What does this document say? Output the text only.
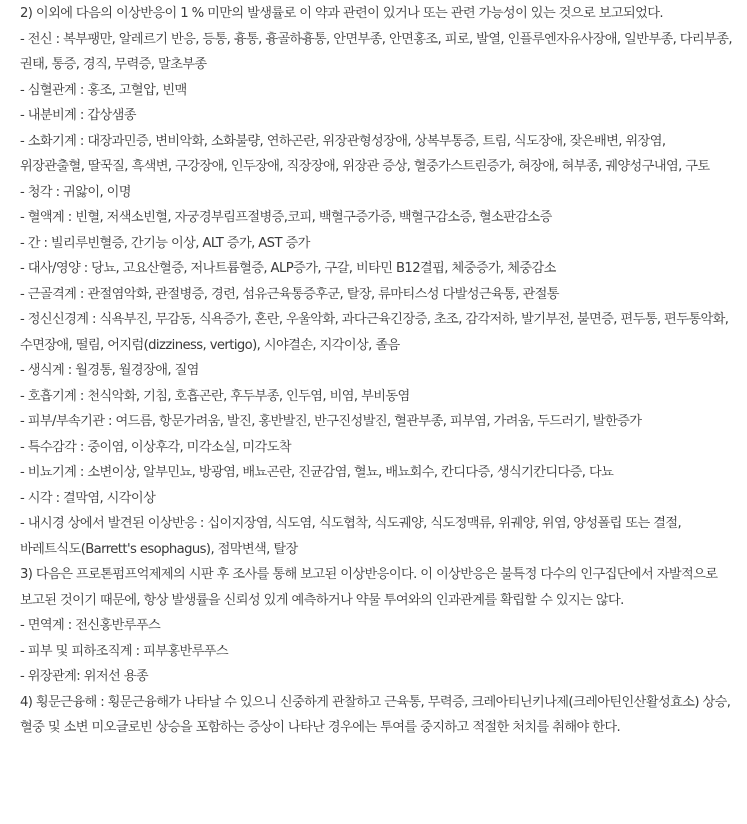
2) 이외에 다음의 이상반응이 1 % 미만의 발생률로 이 약과 관련이 있거나 또는 관련 가능성이 있는 것으로 보고되었다.

- 전신 : 복부팽만, 알레르기 반응, 등통, 흉통, 흉골하흉통, 안면부종, 안면홍조, 피로, 발열, 인플루엔자유사장애, 일반부종, 다리부종, 권태, 통증, 경직, 무력증, 말초부종

- 심혈관계 : 홍조, 고혈압, 빈맥

- 내분비계 : 갑상샘종

- 소화기계 : 대장과민증, 변비악화, 소화불량, 연하곤란, 위장관형성장애, 상복부통증, 트림, 식도장애, 잦은배변, 위장염, 위장관출혈, 딸꾹질, 흑색변, 구강장애, 인두장애, 직장장애, 위장관 증상, 혈중가스트린증가, 혀장애, 혀부종, 궤양성구내염, 구토

- 청각 : 귀앓이, 이명

- 혈액계 : 빈혈, 저색소빈혈, 자궁경부림프절병증,코피, 백혈구증가증, 백혈구감소증, 혈소판감소증

- 간 : 빌리루빈혈증, 간기능 이상, ALT 증가, AST 증가

- 대사/영양 : 당뇨, 고요산혈증, 저나트륨혈증, ALP증가, 구갈, 비타민 B12결핍, 체중증가, 체중감소

- 근골격계 : 관절염악화, 관절병증, 경련, 섬유근육통증후군, 탈장, 류마티스성 다발성근육통, 관절통

- 정신신경계 : 식욕부진, 무감동, 식욕증가, 혼란, 우울악화, 과다근육긴장증, 초조, 감각저하, 발기부전, 불면증, 편두통, 편두통악화, 수면장애, 떨림, 어지럼(dizziness, vertigo), 시야결손, 지각이상, 졸음

- 생식계 : 월경통, 월경장애, 질염

- 호흡기계 : 천식악화, 기침, 호흡곤란, 후두부종, 인두염, 비염, 부비동염

- 피부/부속기관 : 여드름, 항문가려움, 발진, 홍반발진, 반구진성발진, 혈관부종, 피부염, 가려움, 두드러기, 발한증가

- 특수감각 : 중이염, 이상후각, 미각소실, 미각도착

- 비뇨기계 : 소변이상, 알부민뇨, 방광염, 배뇨곤란, 진균감염, 혈뇨, 배뇨회수, 칸디다증, 생식기칸디다증, 다뇨

- 시각 : 결막염, 시각이상

- 내시경 상에서 발견된 이상반응 : 십이지장염, 식도염, 식도협착, 식도궤양, 식도정맥류, 위궤양, 위염, 양성폴립 또는 결절, 바레트식도(Barrett's esophagus), 점막변색, 탈장

3) 다음은 프로톤펌프억제제의 시판 후 조사를 통해 보고된 이상반응이다. 이 이상반응은 불특정 다수의 인구집단에서 자발적으로 보고된 것이기 때문에, 항상 발생률을 신뢰성 있게 예측하거나 약물 투여와의 인과관계를 확립할 수 있지는 않다.

- 면역계 : 전신홍반루푸스

- 피부 및 피하조직계 : 피부홍반루푸스

- 위장관계: 위저선 용종

4) 횡문근융해 : 횡문근융해가 나타날 수 있으니 신중하게 관찰하고 근육통, 무력증, 크레아티닌키나제(크레아틴인산활성효소) 상승, 혈중 및 소변 미오글로빈 상승을 포함하는 증상이 나타난 경우에는 투여를 중지하고 적절한 처치를 취해야 한다.
